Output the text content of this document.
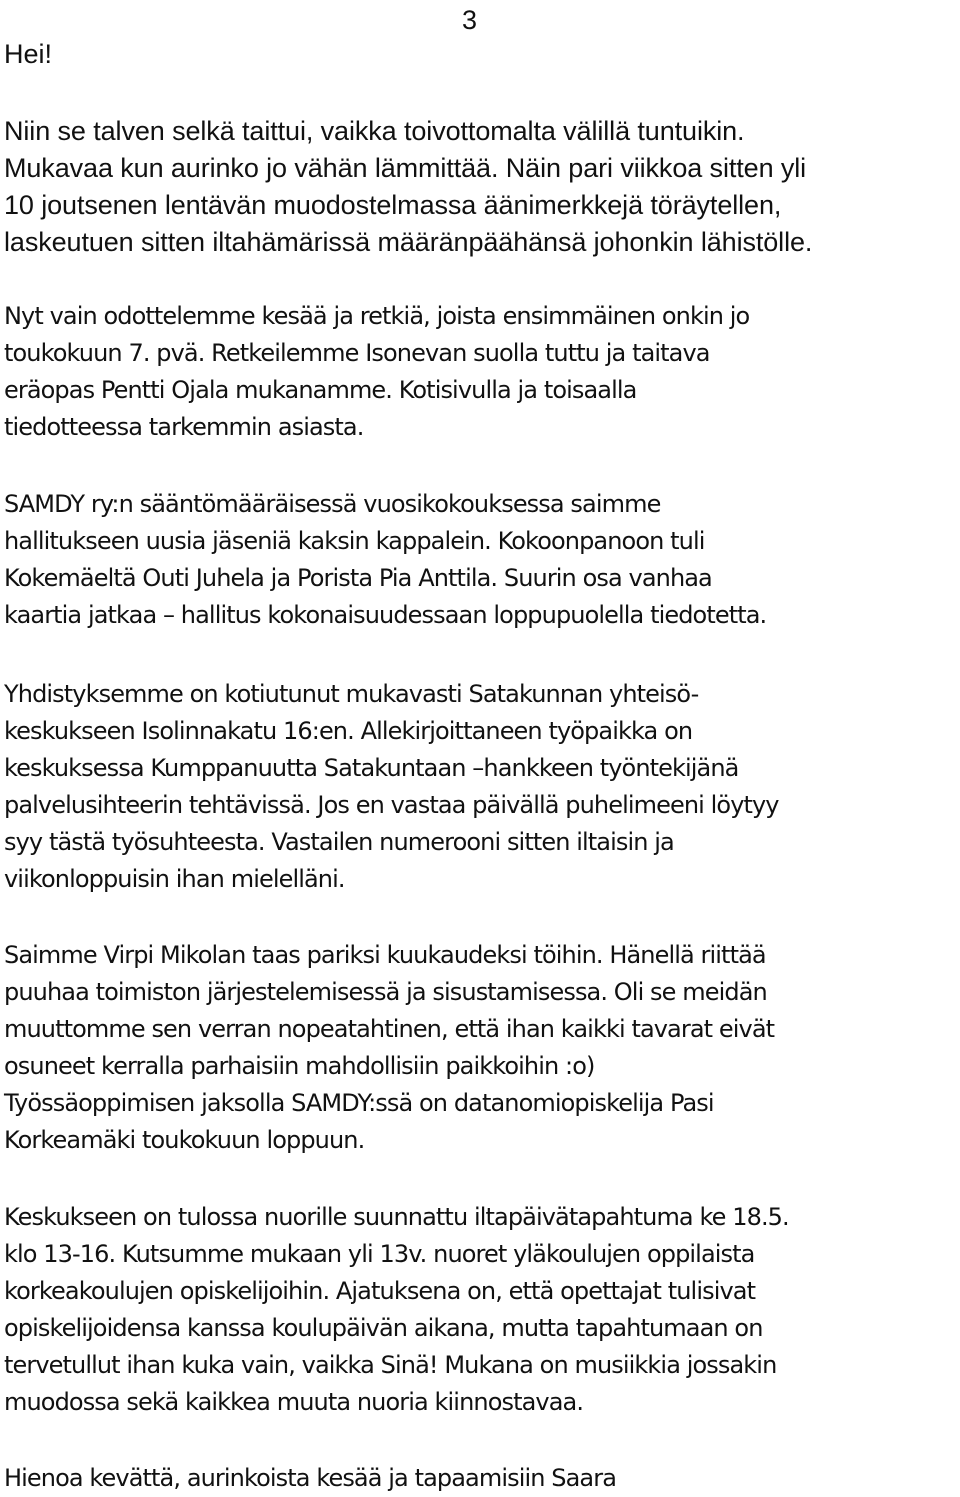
3
Hei!
Niin se talven selkä taittui, vaikka toivottomalta välillä tuntuikin.
Mukavaa kun aurinko jo vähän lämmittää. Näin pari viikkoa sitten yli
10 joutsenen lentävän muodostelmassa äänimerkkejä töräytellen,
laskeutuen sitten iltahämärissä määränpäähänsä johonkin lähistölle.
Nyt vain odottelemme kesää ja retkiä, joista ensimmäinen onkin jo
toukokuun 7. pvä. Retkeilemme Isonevan suolla tuttu ja taitava
eräopas Pentti Ojala mukanamme. Kotisivulla ja toisaalla
tiedotteessa tarkemmin asiasta.
SAMDY ry:n sääntömääräisessä vuosikokouksessa saimme
hallitukseen uusia jäseniä kaksin kappalein. Kokoonpanoon tuli
Kokemäeltä Outi Juhela ja Porista Pia Anttila. Suurin osa vanhaa
kaartia jatkaa – hallitus kokonaisuudessaan loppupuolella tiedotetta.
Yhdistyksemme on kotiutunut mukavasti Satakunnan yhteisö-
keskukseen Isolinnakatu 16:en. Allekirjoittaneen työpaikka on
keskuksessa Kumppanuutta Satakuntaan –hankkeen työntekijänä
palvelusihteerin tehtävissä. Jos en vastaa päivällä puhelimeeni löytyy
syy tästä työsuhteesta. Vastailen numerooni sitten iltaisin ja
viikonloppuisin ihan mielelläni.
Saimme Virpi Mikolan taas pariksi kuukaudeksi töihin. Hänellä riittää
puuhaa toimiston järjestelemisessä ja sisustamisessa. Oli se meidän
muuttomme sen verran nopeatahtinen, että ihan kaikki tavarat eivät
osuneet kerralla parhaisiin mahdollisiin paikkoihin :o)
Työssäoppimisen jaksolla SAMDY:ssä on datanomiopiskelija Pasi
Korkeamäki toukokuun loppuun.
Keskukseen on tulossa nuorille suunnattu iltapäivätapahtuma ke 18.5.
klo 13-16. Kutsumme mukaan yli 13v. nuoret yläkoulujen oppilaista
korkeakoulujen opiskelijoihin. Ajatuksena on, että opettajat tulisivat
opiskelijoidensa kanssa koulupäivän aikana, mutta tapahtumaan on
tervetullut ihan kuka vain, vaikka Sinä! Mukana on musiikkia jossakin
muodossa sekä kaikkea muuta nuoria kiinnostavaa.
Hienoa kevättä, aurinkoista kesää ja tapaamisiin Saara
